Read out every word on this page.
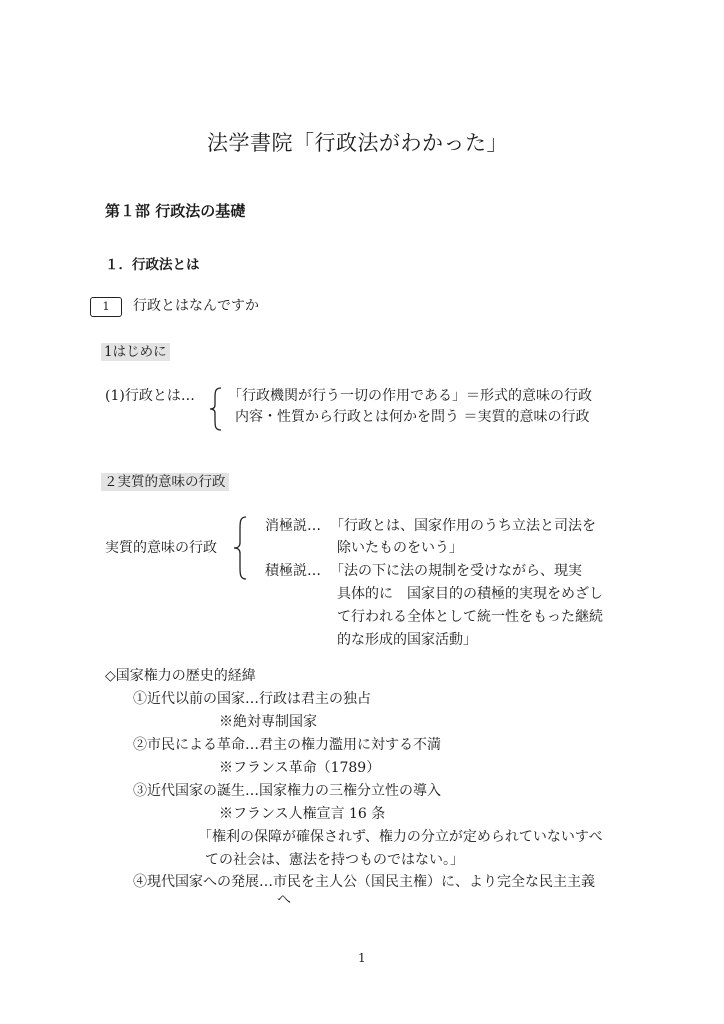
法学書院「行政法がわかった」
第１部 行政法の基礎
１．行政法とは
1	行政とはなんですか
1はじめに
(1)行政とは… 「行政機関が行う一切の作用である」＝形式的意味の行政
内容・性質から行政とは何かを問う ＝実質的意味の行政
２実質的意味の行政
実質的意味の行政
消極説… 「行政とは、国家作用のうち立法と司法を
除いたものをいう」
積極説… 「法の下に法の規制を受けながら、現実
具体的に　国家目的の積極的実現をめざし
て行われる全体として統一性をもった継続
的な形成的国家活動」
◇国家権力の歴史的経緯
①近代以前の国家…行政は君主の独占
※絶対専制国家
②市民による革命…君主の権力濫用に対する不満
※フランス革命（1789）
③近代国家の誕生…国家権力の三権分立性の導入
※フランス人権宣言 16 条
「権利の保障が確保されず、権力の分立が定められていないすべ
ての社会は、憲法を持つものではない。」
④現代国家への発展…市民を主人公（国民主権）に、より完全な民主主義
へ
1
